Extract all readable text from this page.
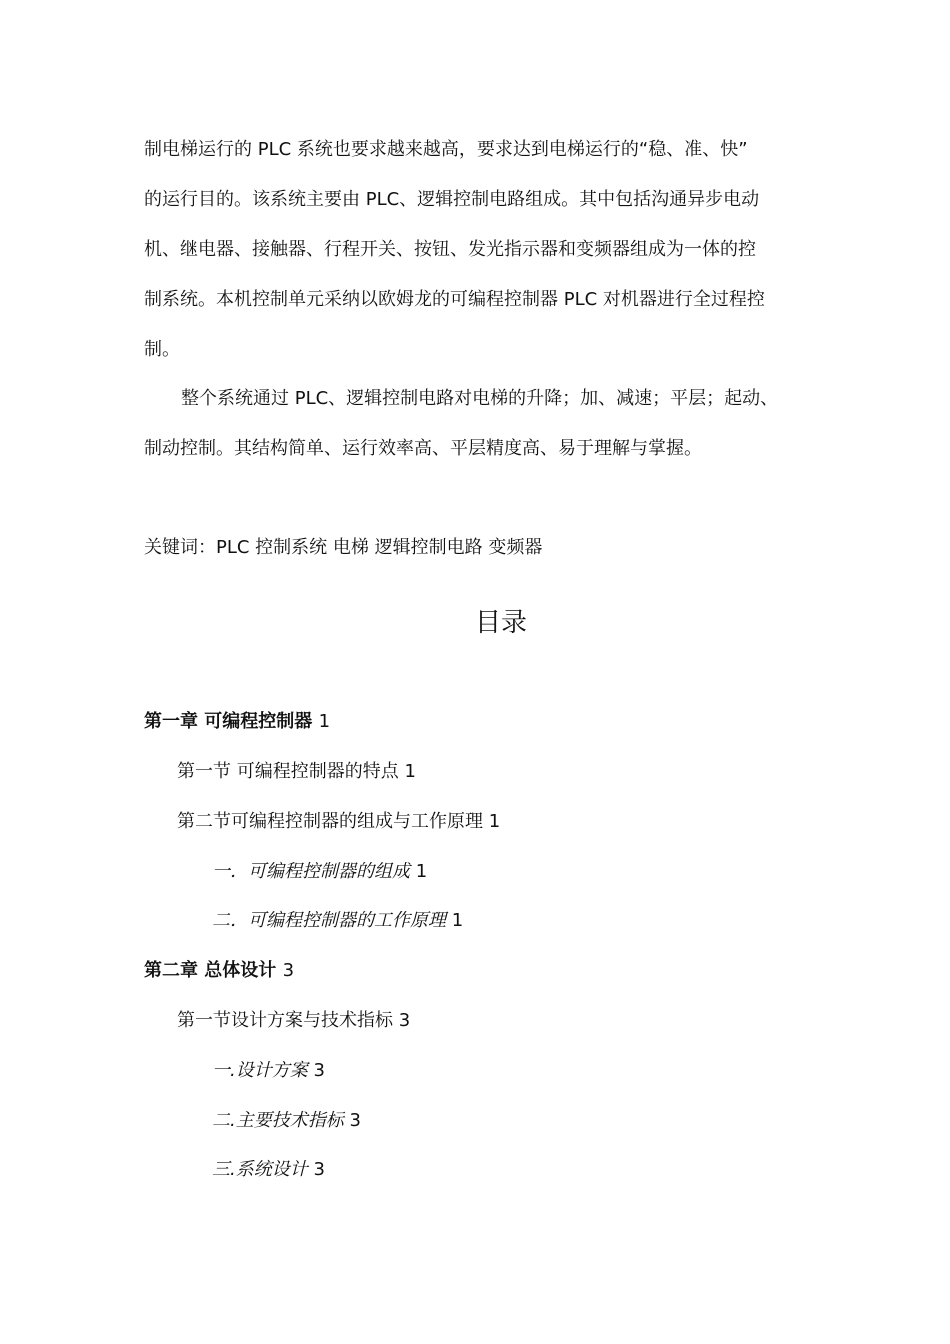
制电梯运行的 PLC 系统也要求越来越高，要求达到电梯运行的“稳、准、快”
的运行目的。该系统主要由 PLC、逻辑控制电路组成。其中包括沟通异步电动
机、继电器、接触器、行程开关、按钮、发光指示器和变频器组成为一体的控
制系统。本机控制单元采纳以欧姆龙的可编程控制器 PLC 对机器进行全过程控
制。
整个系统通过 PLC、逻辑控制电路对电梯的升降；加、减速；平层；起动、
制动控制。其结构简单、运行效率高、平层精度高、易于理解与掌握。
关键词：PLC 控制系统 电梯 逻辑控制电路 变频器
目录
第一章 可编程控制器 1
第一节 可编程控制器的特点 1
第二节可编程控制器的组成与工作原理 1
一．可编程控制器的组成 1
二．可编程控制器的工作原理 1
第二章 总体设计 3
第一节设计方案与技术指标 3
一.设计方案 3
二.主要技术指标 3
三.系统设计 3
